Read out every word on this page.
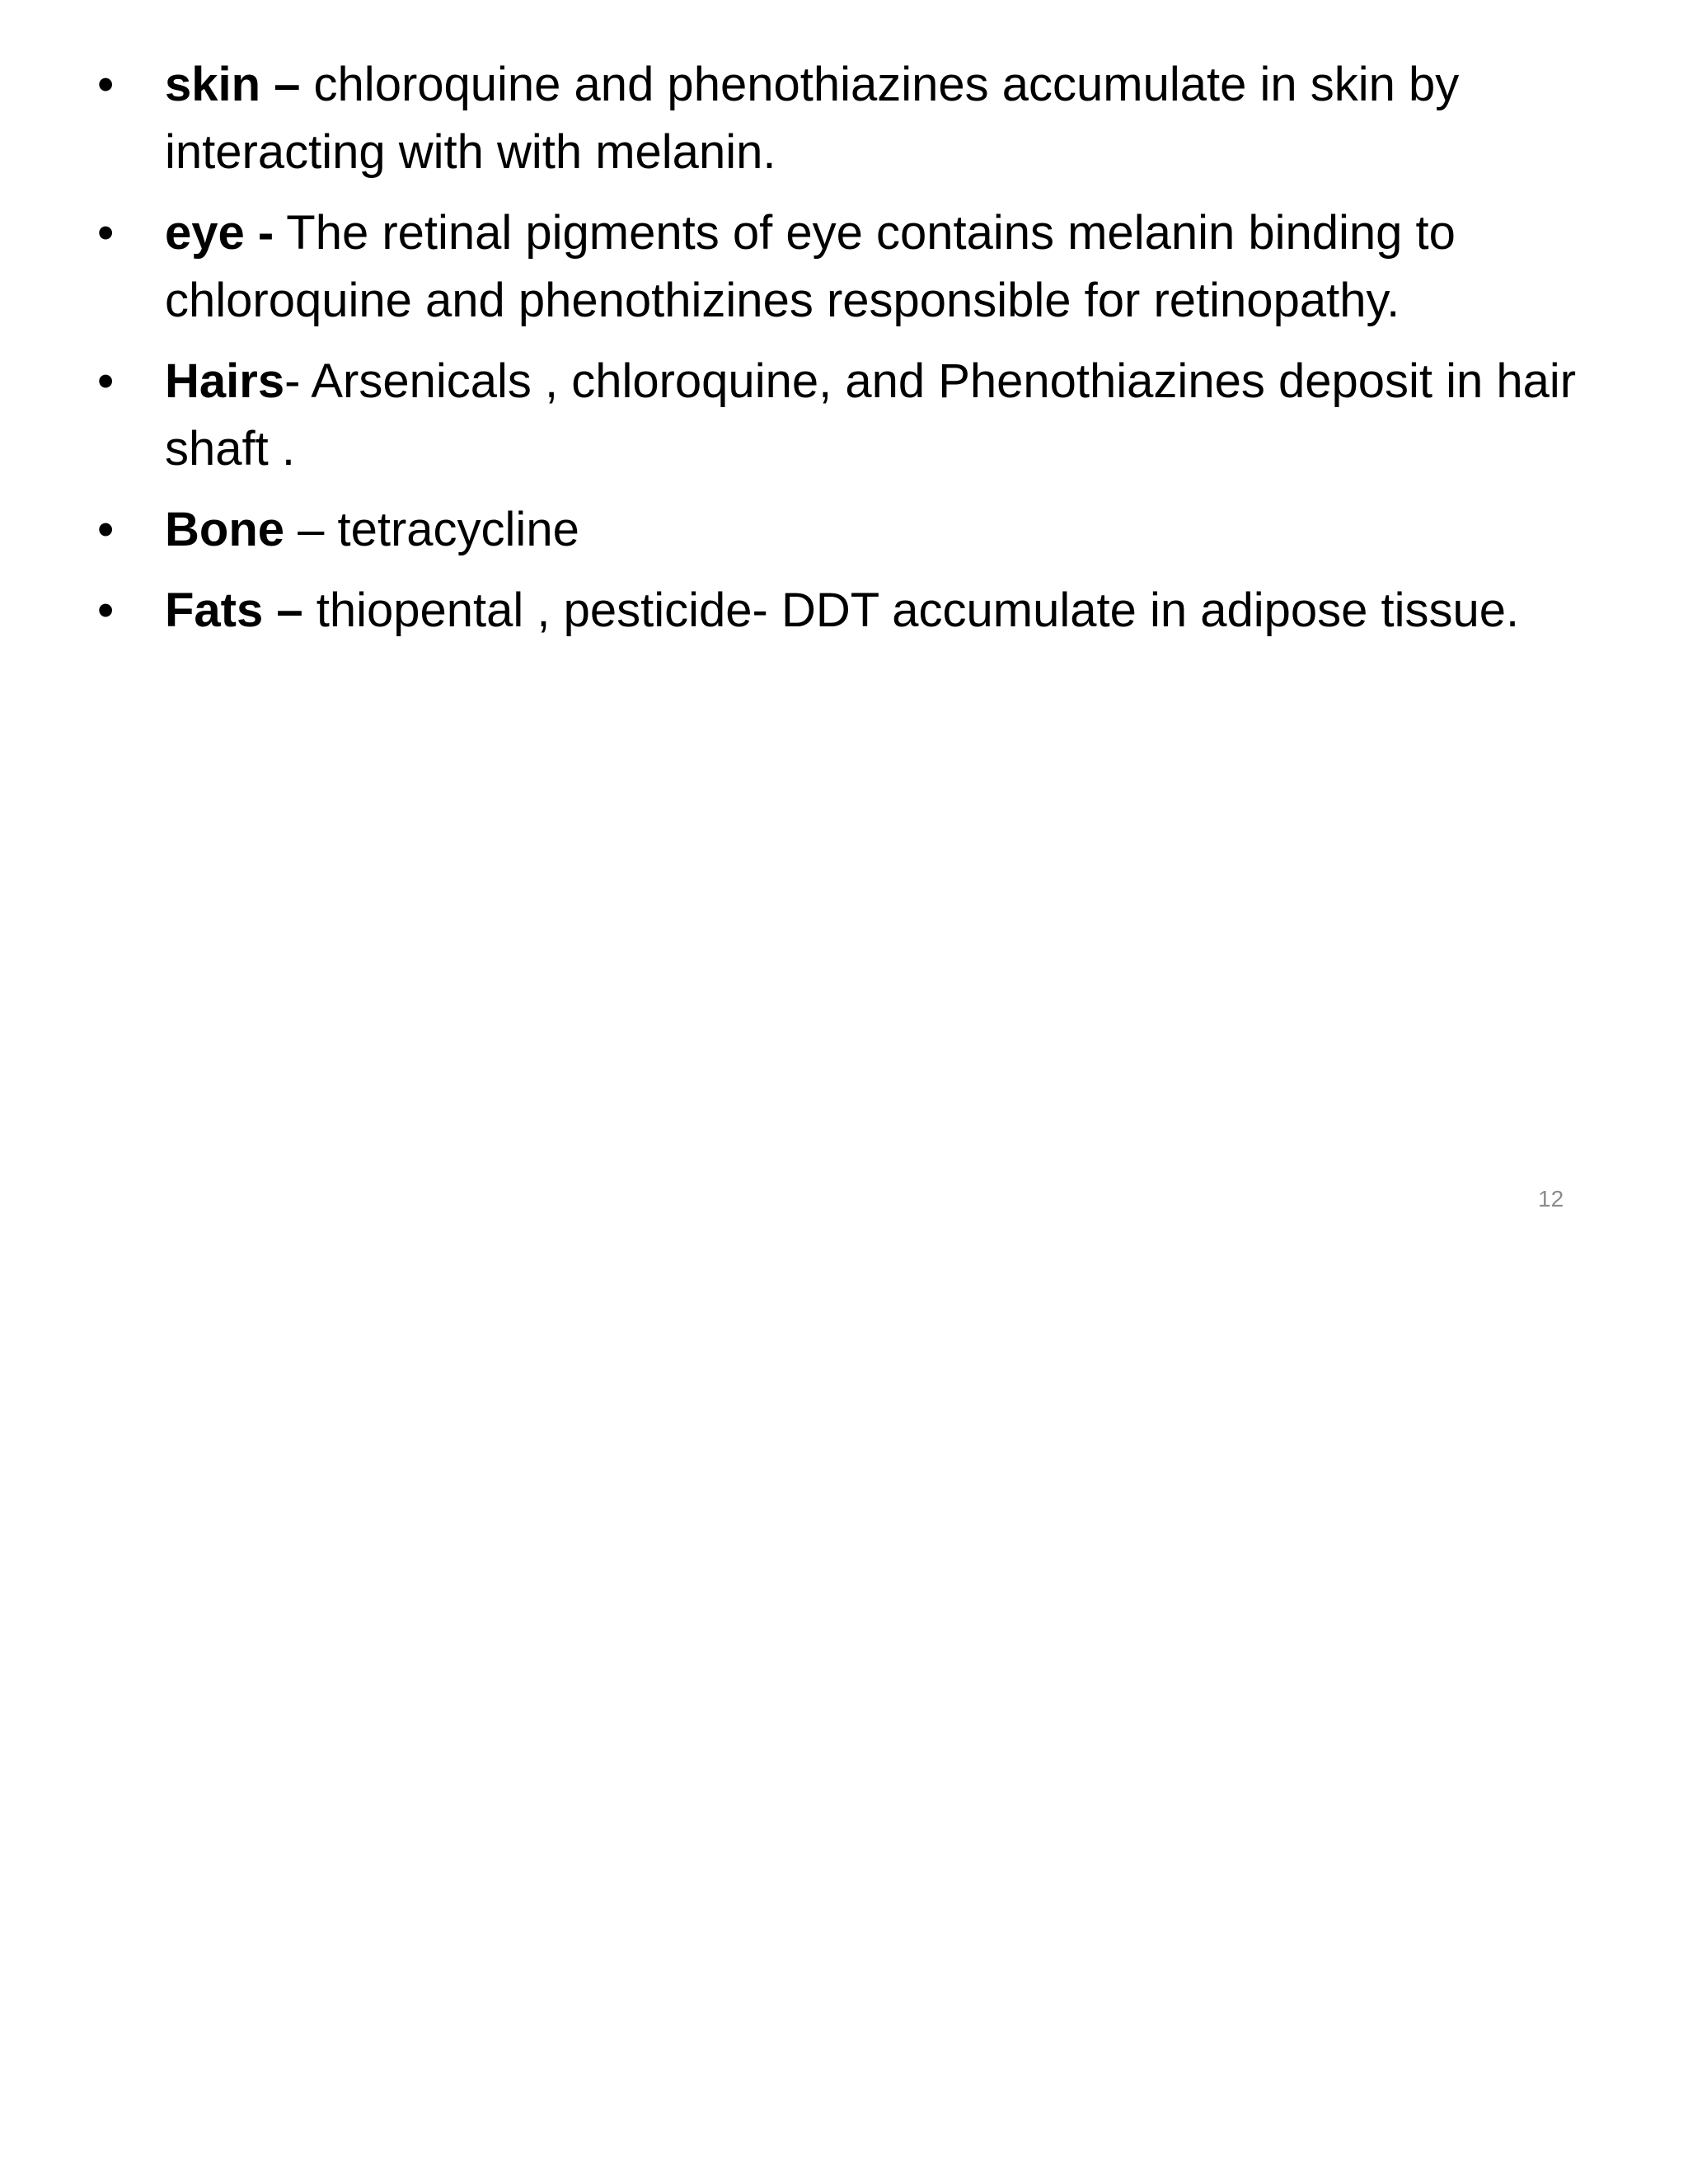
•	skin – chloroquine and phenothiazines accumulate in skin by interacting with with melanin.
•	eye - The retinal pigments of eye contains melanin binding to chloroquine and phenothizines responsible for retinopathy.
•	Hairs- Arsenicals , chloroquine, and Phenothiazines deposit in hair shaft .
•	Bone – tetracycline
•	Fats – thiopental , pesticide- DDT accumulate in adipose tissue.
12
